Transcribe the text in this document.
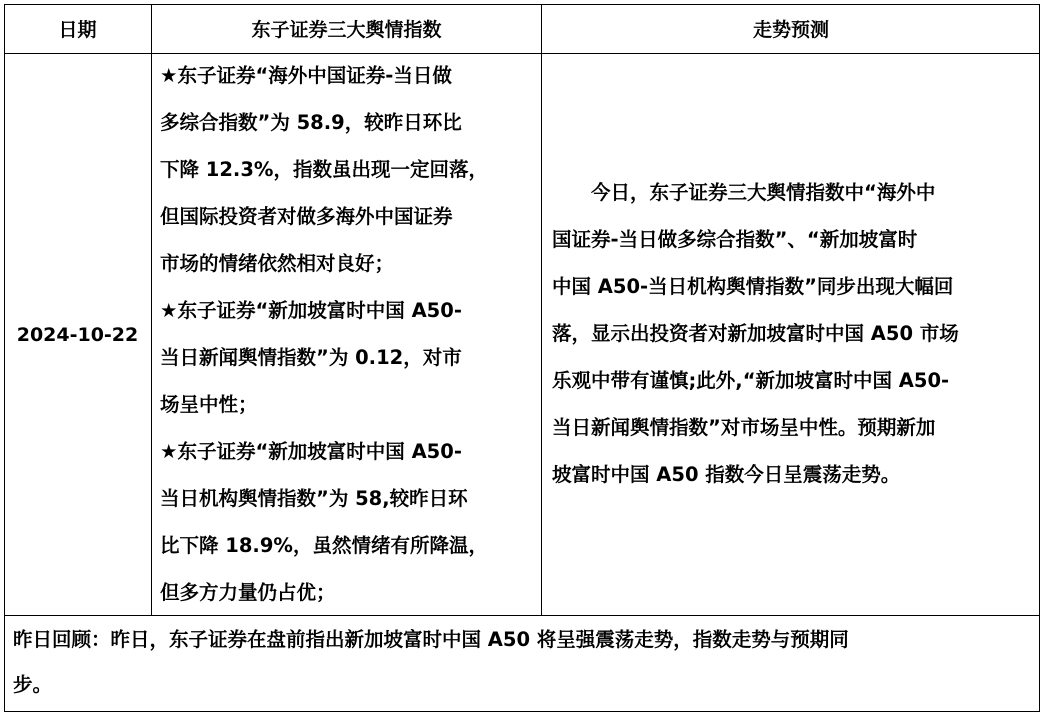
日期	东子证券三大舆情指数	走势预测
2024-10-22
★东子证券“海外中国证券-当日做
多综合指数”为 58.9，较昨日环比
下降 12.3%，指数虽出现一定回落，
但国际投资者对做多海外中国证券
市场的情绪依然相对良好；
★东子证券“新加坡富时中国 A50-
当日新闻舆情指数”为 0.12，对市
场呈中性；
★东子证券“新加坡富时中国 A50-
当日机构舆情指数”为 58,较昨日环
比下降 18.9%，虽然情绪有所降温，
但多方力量仍占优；
　　今日，东子证券三大舆情指数中“海外中
国证券-当日做多综合指数”、“新加坡富时
中国 A50-当日机构舆情指数”同步出现大幅回
落，显示出投资者对新加坡富时中国 A50 市场
乐观中带有谨慎;此外,“新加坡富时中国 A50-
当日新闻舆情指数”对市场呈中性。预期新加
坡富时中国 A50 指数今日呈震荡走势。
昨日回顾：昨日，东子证券在盘前指出新加坡富时中国 A50 将呈强震荡走势，指数走势与预期同
步。
